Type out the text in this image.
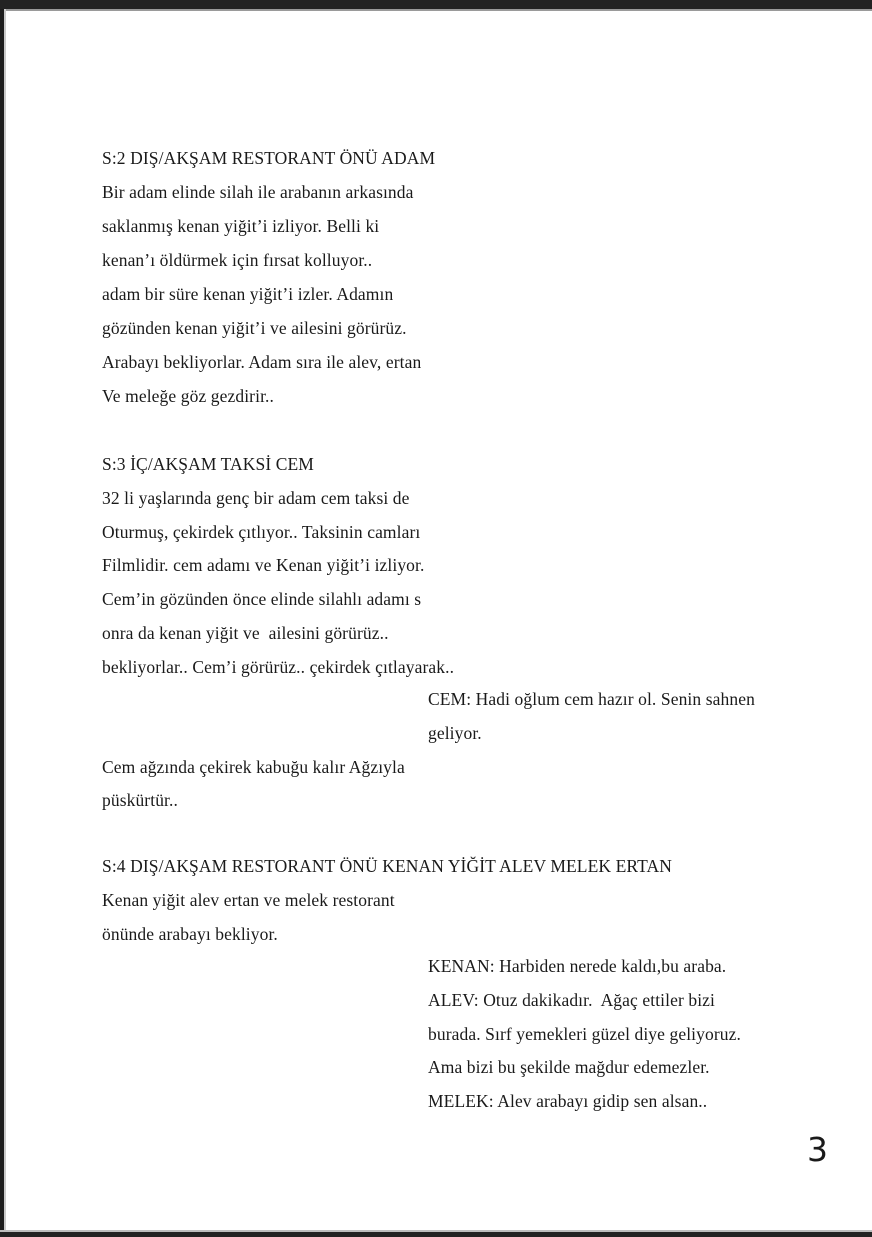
S:2 DIŞ/AKŞAM RESTORANT ÖNÜ ADAM
Bir adam elinde silah ile arabanın arkasında
saklanmış kenan yiğit’i izliyor. Belli ki
kenan’ı öldürmek için fırsat kolluyor..
adam bir süre kenan yiğit’i izler. Adamın
gözünden kenan yiğit’i ve ailesini görürüz.
Arabayı bekliyorlar. Adam sıra ile alev, ertan
Ve meleğe göz gezdirir..
S:3 İÇ/AKŞAM TAKSİ CEM
32 li yaşlarında genç bir adam cem taksi de
Oturmuş, çekirdek çıtlıyor.. Taksinin camları
Filmlidir. cem adamı ve Kenan yiğit’i izliyor.
Cem’in gözünden önce elinde silahlı adamı s
onra da kenan yiğit ve  ailesini görürüz..
bekliyorlar.. Cem’i görürüz.. çekirdek çıtlayarak..
CEM: Hadi oğlum cem hazır ol. Senin sahnen
geliyor.
Cem ağzında çekirek kabuğu kalır Ağzıyla
püskürtür..
S:4 DIŞ/AKŞAM RESTORANT ÖNÜ KENAN YİĞİT ALEV MELEK ERTAN
Kenan yiğit alev ertan ve melek restorant
önünde arabayı bekliyor.
KENAN: Harbiden nerede kaldı,bu araba.
ALEV: Otuz dakikadır.  Ağaç ettiler bizi
burada. Sırf yemekleri güzel diye geliyoruz.
Ama bizi bu şekilde mağdur edemezler.
MELEK: Alev arabayı gidip sen alsan..
3
